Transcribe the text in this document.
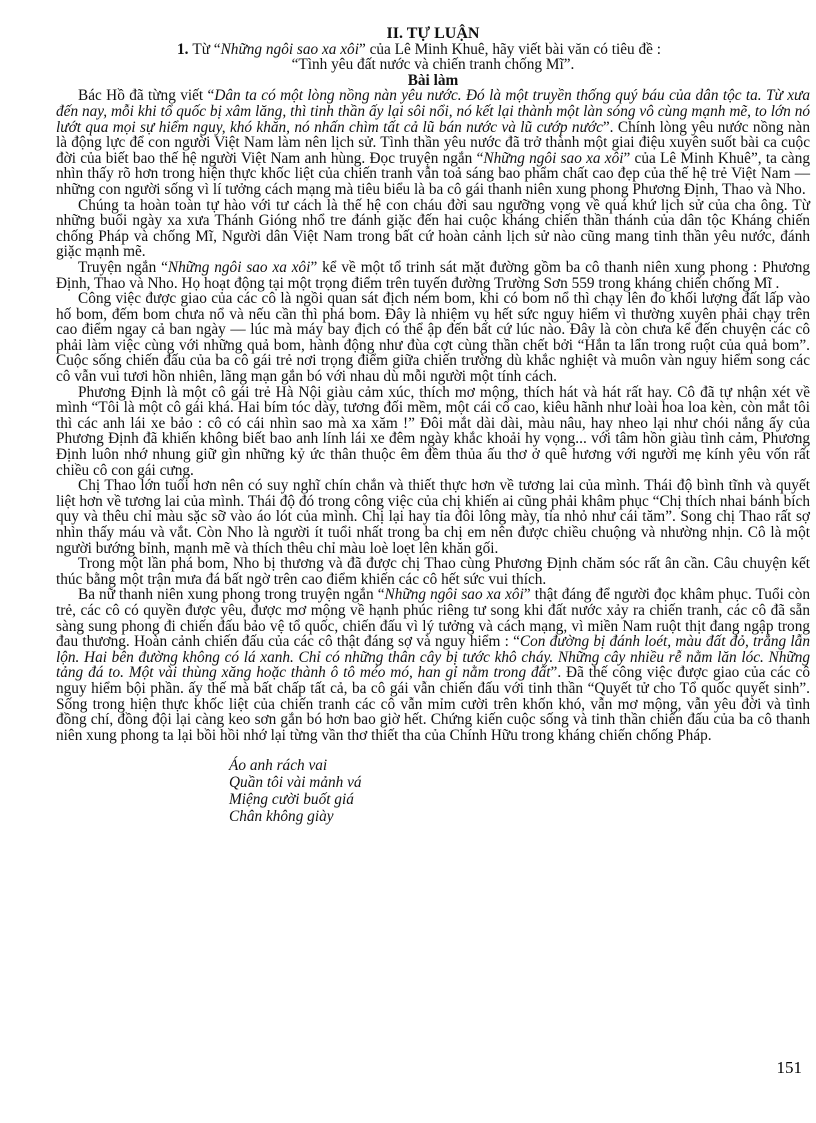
II. TỰ LUẬN
1. Từ “Những ngôi sao xa xôi” của Lê Minh Khuê, hãy viết bài văn có tiêu đề :
“Tình yêu đất nước và chiến tranh chống Mĩ”.
Bài làm

Bác Hồ đã từng viết “Dân ta có một lòng nồng nàn yêu nước. Đó là một truyền thống quý báu của dân tộc ta. Từ xưa đến nay, mỗi khi tổ quốc bị xâm lăng, thì tinh thần ấy lại sôi nổi, nó kết lại thành một làn sóng vô cùng mạnh mẽ, to lớn nó lướt qua mọi sự hiểm nguy, khó khăn, nó nhấn chìm tất cả lũ bán nước và lũ cướp nước”. Chính lòng yêu nước nồng nàn là động lực để con người Việt Nam làm nên lịch sử. Tình thần yêu nước đã trở thành một giai điệu xuyên suốt bài ca cuộc đời của biết bao thế hệ người Việt Nam anh hùng. Đọc truyện ngắn “Những ngôi sao xa xôi” của Lê Minh Khuê”, ta càng nhìn thấy rõ hơn trong hiện thực khốc liệt của chiến tranh vẫn toả sáng bao phẩm chất cao đẹp của thế hệ trẻ Việt Nam — những con người sống vì lí tưởng cách mạng mà tiêu biểu là ba cô gái thanh niên xung phong Phương Định, Thao và Nho.

Chúng ta hoàn toàn tự hào với tư cách là thế hệ con cháu đời sau ngưỡng vọng về quá khứ lịch sử của cha ông. Từ những buổi ngày xa xưa Thánh Gióng nhổ tre đánh giặc đến hai cuộc kháng chiến thần thánh của dân tộc Kháng chiến chống Pháp và chống Mĩ, Người dân Việt Nam trong bất cứ hoàn cảnh lịch sử nào cũng mang tinh thần yêu nước, đánh giặc mạnh mẽ.

Truyện ngắn “Những ngôi sao xa xôi” kể về một tổ trinh sát mặt đường gồm ba cô thanh niên xung phong : Phương Định, Thao và Nho. Họ hoạt động tại một trọng điểm trên tuyến đường Trường Sơn 559 trong kháng chiến chống Mĩ .

Công việc được giao của các cô là ngồi quan sát địch ném bom, khi có bom nổ thì chạy lên đo khối lượng đất lấp vào hố bom, đếm bom chưa nổ và nếu cần thì phá bom. Đây là nhiệm vụ hết sức nguy hiểm vì thường xuyên phải chạy trên cao điểm ngay cả ban ngày — lúc mà máy bay địch có thể ập đến bất cứ lúc nào. Đây là còn chưa kể đến chuyện các cô phải làm việc cùng với những quả bom, hành động như đùa cợt cùng thần chết bởi “Hắn ta lẩn trong ruột của quả bom”. Cuộc sống chiến đấu của ba cô gái trẻ nơi trọng điểm giữa chiến trường dù khắc nghiệt và muôn vàn nguy hiểm song các cô vẫn vui tươi hồn nhiên, lãng mạn gắn bó với nhau dù mỗi người một tính cách.

Phương Định là một cô gái trẻ Hà Nội giàu cảm xúc, thích mơ mộng, thích hát và hát rất hay. Cô đã tự nhận xét về mình “Tôi là một cô gái khá. Hai bím tóc dày, tương đối mềm, một cái cổ cao, kiêu hãnh như loài hoa loa kèn, còn mắt tôi thì các anh lái xe bảo : cô có cái nhìn sao mà xa xăm !” Đôi mắt dài dài, màu nâu, hay nheo lại như chói nắng ấy của Phương Định đã khiến không biết bao anh lính lái xe đêm ngày khắc khoải hy vọng... với tâm hồn giàu tình cảm, Phương Định luôn nhớ nhung giữ gìn những kỷ ức thân thuộc êm đềm thủa ấu thơ ở quê hương với người mẹ kính yêu vốn rất chiều cô con gái cưng.

Chị Thao lớn tuổi hơn nên có suy nghĩ chín chắn và thiết thực hơn về tương lai của mình. Thái độ bình tĩnh và quyết liệt hơn về tương lai của mình. Thái độ đó trong công việc của chị khiến ai cũng phải khâm phục “Chị thích nhai bánh bích quy và thêu chỉ màu sặc sỡ vào áo lót của mình. Chị lại hay tỉa đôi lông mày, tỉa nhỏ như cái tăm”. Song chị Thao rất sợ nhìn thấy máu và vắt. Còn Nho là người ít tuổi nhất trong ba chị em nên được chiều chuộng và nhường nhịn. Cô là một người bướng bỉnh, mạnh mẽ và thích thêu chỉ màu loè loẹt lên khăn gối.

Trong một lần phá bom, Nho bị thương và đã được chị Thao cùng Phương Định chăm sóc rất ân cần. Câu chuyện kết thúc bằng một trận mưa đá bất ngờ trên cao điểm khiến các cô hết sức vui thích.

Ba nữ thanh niên xung phong trong truyện ngắn “Những ngôi sao xa xôi” thật đáng để người đọc khâm phục. Tuổi còn trẻ, các cô có quyền được yêu, được mơ mộng về hạnh phúc riêng tư song khi đất nước xảy ra chiến tranh, các cô đã sẵn sàng sung phong đi chiến đấu bảo vệ tổ quốc, chiến đấu vì lý tưởng và cách mạng, vì miền Nam ruột thịt đang ngập trong đau thương. Hoàn cảnh chiến đấu của các cô thật đáng sợ và nguy hiểm : “Con đường bị đánh loét, màu đất đỏ, trắng lẫn lộn. Hai bên đường không có lá xanh. Chỉ có những thân cây bị tước khô cháy. Những cây nhiều rễ nằm lăn lóc. Những tảng đá to. Một vài thùng xăng hoặc thành ô tô méo mó, han gỉ nằm trong đất”. Đã thế công việc được giao của các cô nguy hiểm bội phần. ấy thế mà bất chấp tất cả, ba cô gái vẫn chiến đấu với tinh thần “Quyết tử cho Tổ quốc quyết sinh”. Sống trong hiện thực khốc liệt của chiến tranh các cô vẫn mỉm cười trên khốn khó, vẫn mơ mộng, vẫn yêu đời và tình đồng chí, đồng đội lại càng keo sơn gắn bó hơn bao giờ hết. Chứng kiến cuộc sống và tinh thần chiến đấu của ba cô thanh niên xung phong ta lại bồi hồi nhớ lại từng vần thơ thiết tha của Chính Hữu trong kháng chiến chống Pháp.

Áo anh rách vai
Quần tôi vài mảnh vá
Miệng cười buốt giá
Chân không giày
151
